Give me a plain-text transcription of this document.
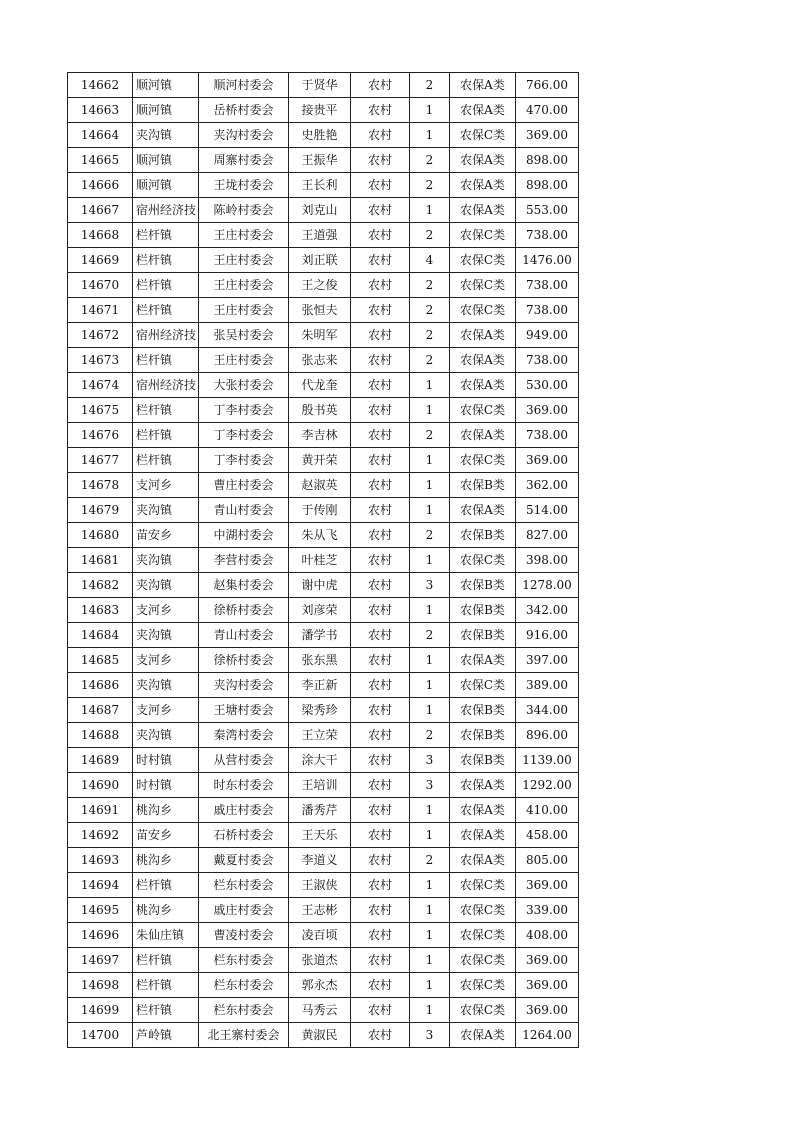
14662	顺河镇	顺河村委会	于贤华	农村	2	农保A类	766.00
14663	顺河镇	岳桥村委会	接贵平	农村	1	农保A类	470.00
14664	夹沟镇	夹沟村委会	史胜艳	农村	1	农保C类	369.00
14665	顺河镇	周寨村委会	王振华	农村	2	农保A类	898.00
14666	顺河镇	王垅村委会	王长利	农村	2	农保A类	898.00
14667	宿州经济技	陈岭村委会	刘克山	农村	1	农保A类	553.00
14668	栏杆镇	王庄村委会	王道强	农村	2	农保C类	738.00
14669	栏杆镇	王庄村委会	刘正联	农村	4	农保C类	1476.00
14670	栏杆镇	王庄村委会	王之俊	农村	2	农保C类	738.00
14671	栏杆镇	王庄村委会	张恒夫	农村	2	农保C类	738.00
14672	宿州经济技	张吴村委会	朱明军	农村	2	农保A类	949.00
14673	栏杆镇	王庄村委会	张志来	农村	2	农保A类	738.00
14674	宿州经济技	大张村委会	代龙奎	农村	1	农保A类	530.00
14675	栏杆镇	丁李村委会	殷书英	农村	1	农保C类	369.00
14676	栏杆镇	丁李村委会	李吉林	农村	2	农保A类	738.00
14677	栏杆镇	丁李村委会	黄开荣	农村	1	农保C类	369.00
14678	支河乡	曹庄村委会	赵淑英	农村	1	农保B类	362.00
14679	夹沟镇	青山村委会	于传刚	农村	1	农保A类	514.00
14680	苗安乡	中湖村委会	朱从飞	农村	2	农保B类	827.00
14681	夹沟镇	李营村委会	叶桂芝	农村	1	农保C类	398.00
14682	夹沟镇	赵集村委会	谢中虎	农村	3	农保B类	1278.00
14683	支河乡	徐桥村委会	刘彦荣	农村	1	农保B类	342.00
14684	夹沟镇	青山村委会	潘学书	农村	2	农保B类	916.00
14685	支河乡	徐桥村委会	张东黑	农村	1	农保A类	397.00
14686	夹沟镇	夹沟村委会	李正新	农村	1	农保C类	389.00
14687	支河乡	王塘村委会	梁秀珍	农村	1	农保B类	344.00
14688	夹沟镇	秦湾村委会	王立荣	农村	2	农保B类	896.00
14689	时村镇	从营村委会	涂大干	农村	3	农保B类	1139.00
14690	时村镇	时东村委会	王培训	农村	3	农保A类	1292.00
14691	桃沟乡	戚庄村委会	潘秀芹	农村	1	农保A类	410.00
14692	苗安乡	石桥村委会	王天乐	农村	1	农保A类	458.00
14693	桃沟乡	戴夏村委会	李道义	农村	2	农保A类	805.00
14694	栏杆镇	栏东村委会	王淑侠	农村	1	农保C类	369.00
14695	桃沟乡	戚庄村委会	王志彬	农村	1	农保C类	339.00
14696	朱仙庄镇	曹凌村委会	凌百顷	农村	1	农保C类	408.00
14697	栏杆镇	栏东村委会	张道杰	农村	1	农保C类	369.00
14698	栏杆镇	栏东村委会	郭永杰	农村	1	农保C类	369.00
14699	栏杆镇	栏东村委会	马秀云	农村	1	农保C类	369.00
14700	芦岭镇	北王寨村委会	黄淑民	农村	3	农保A类	1264.00
